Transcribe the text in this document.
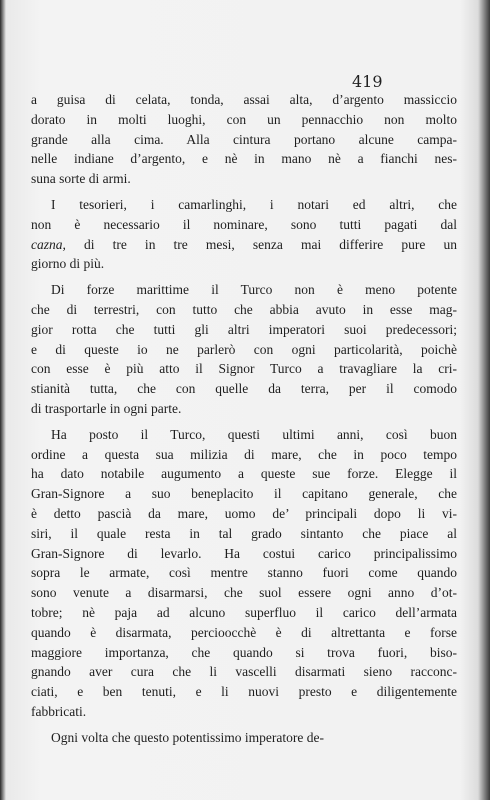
419
a guisa di celata, tonda, assai alta, d’argento massiccio
dorato in molti luoghi, con un pennacchio non molto
grande alla cima. Alla cintura portano alcune campa-
nelle indiane d’argento, e nè in mano nè a fianchi nes-
suna sorte di armi.
I tesorieri, i camarlinghi, i notari ed altri, che
non è necessario il nominare, sono tutti pagati dal
cazna, di tre in tre mesi, senza mai differire pure un
giorno di più.
Di forze marittime il Turco non è meno potente
che di terrestri, con tutto che abbia avuto in esse mag-
gior rotta che tutti gli altri imperatori suoi predecessori;
e di queste io ne parlerò con ogni particolarità, poichè
con esse è più atto il Signor Turco a travagliare la cri-
stianità tutta, che con quelle da terra, per il comodo
di trasportarle in ogni parte.
Ha posto il Turco, questi ultimi anni, così buon
ordine a questa sua milizia di mare, che in poco tempo
ha dato notabile augumento a queste sue forze. Elegge il
Gran-Signore a suo beneplacito il capitano generale, che
è detto pascià da mare, uomo de’ principali dopo li vi-
siri, il quale resta in tal grado sintanto che piace al
Gran-Signore di levarlo. Ha costui carico principalissimo
sopra le armate, così mentre stanno fuori come quando
sono venute a disarmarsi, che suol essere ogni anno d’ot-
tobre; nè paja ad alcuno superfluo il carico dell’armata
quando è disarmata, percioocchè è di altrettanta e forse
maggiore importanza, che quando si trova fuori, biso-
gnando aver cura che li vascelli disarmati sieno racconc-
ciati, e ben tenuti, e li nuovi presto e diligentemente
fabbricati.
Ogni volta che questo potentissimo imperatore de-
